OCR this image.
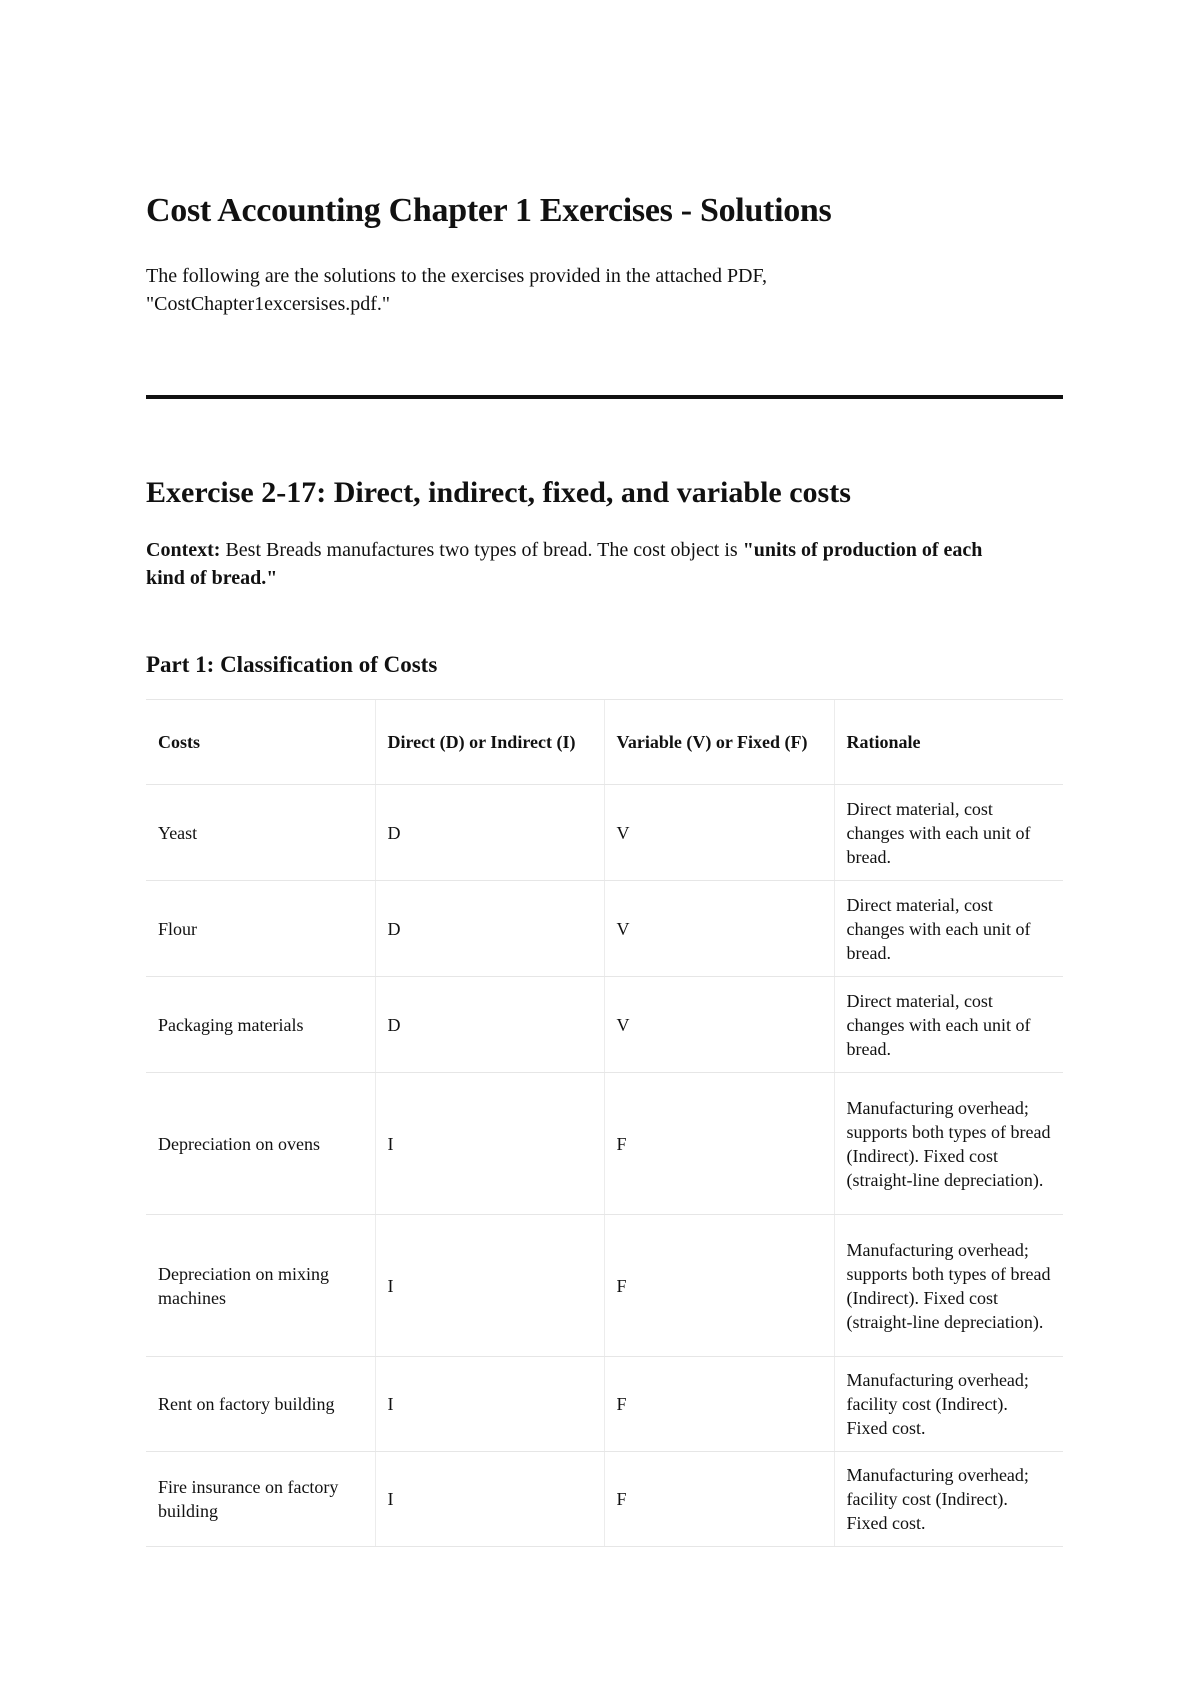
Cost Accounting Chapter 1 Exercises - Solutions

The following are the solutions to the exercises provided in the attached PDF, "CostChapter1excersises.pdf."

Exercise 2-17: Direct, indirect, fixed, and variable costs

Context: Best Breads manufactures two types of bread. The cost object is "units of production of each kind of bread."

Part 1: Classification of Costs
Costs	Direct (D) or Indirect (I)	Variable (V) or Fixed (F)	Rationale
Yeast	D	V	Direct material, cost changes with each unit of bread.
Flour	D	V	Direct material, cost changes with each unit of bread.
Packaging materials	D	V	Direct material, cost changes with each unit of bread.
Depreciation on ovens	I	F	Manufacturing overhead; supports both types of bread (Indirect). Fixed cost (straight-line depreciation).
Depreciation on mixing machines	I	F	Manufacturing overhead; supports both types of bread (Indirect). Fixed cost (straight-line depreciation).
Rent on factory building	I	F	Manufacturing overhead; facility cost (Indirect). Fixed cost.
Fire insurance on factory building	I	F	Manufacturing overhead; facility cost (Indirect). Fixed cost.
